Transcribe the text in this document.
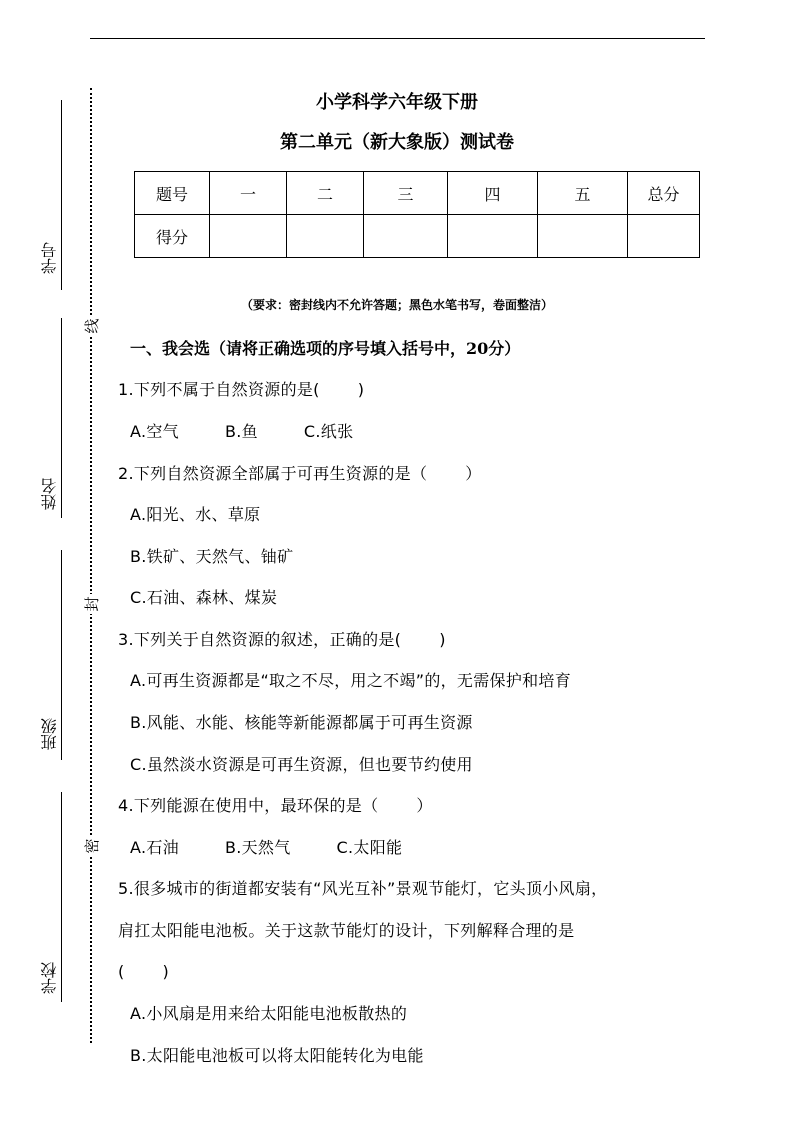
学号
姓名
班级
学校
线
封
密
小学科学六年级下册
第二单元（新大象版）测试卷
题号	一	二	三	四	五	总分
得分						
（要求：密封线内不允许答题；黑色水笔书写，卷面整洁）
一、我会选（请将正确选项的序号填入括号中，20分）
1.下列不属于自然资源的是(　　 )
A.空气	B.鱼	C.纸张
2.下列自然资源全部属于可再生资源的是（　　 ）
A.阳光、水、草原
B.铁矿、天然气、铀矿
C.石油、森林、煤炭
3.下列关于自然资源的叙述，正确的是(　　 )
A.可再生资源都是“取之不尽，用之不竭”的，无需保护和培育
B.风能、水能、核能等新能源都属于可再生资源
C.虽然淡水资源是可再生资源，但也要节约使用
4.下列能源在使用中，最环保的是（　　 ）
A.石油	B.天然气	C.太阳能
5.很多城市的街道都安装有“风光互补”景观节能灯，它头顶小风扇，
肩扛太阳能电池板。关于这款节能灯的设计，下列解释合理的是
(　　 )
A.小风扇是用来给太阳能电池板散热的
B.太阳能电池板可以将太阳能转化为电能
